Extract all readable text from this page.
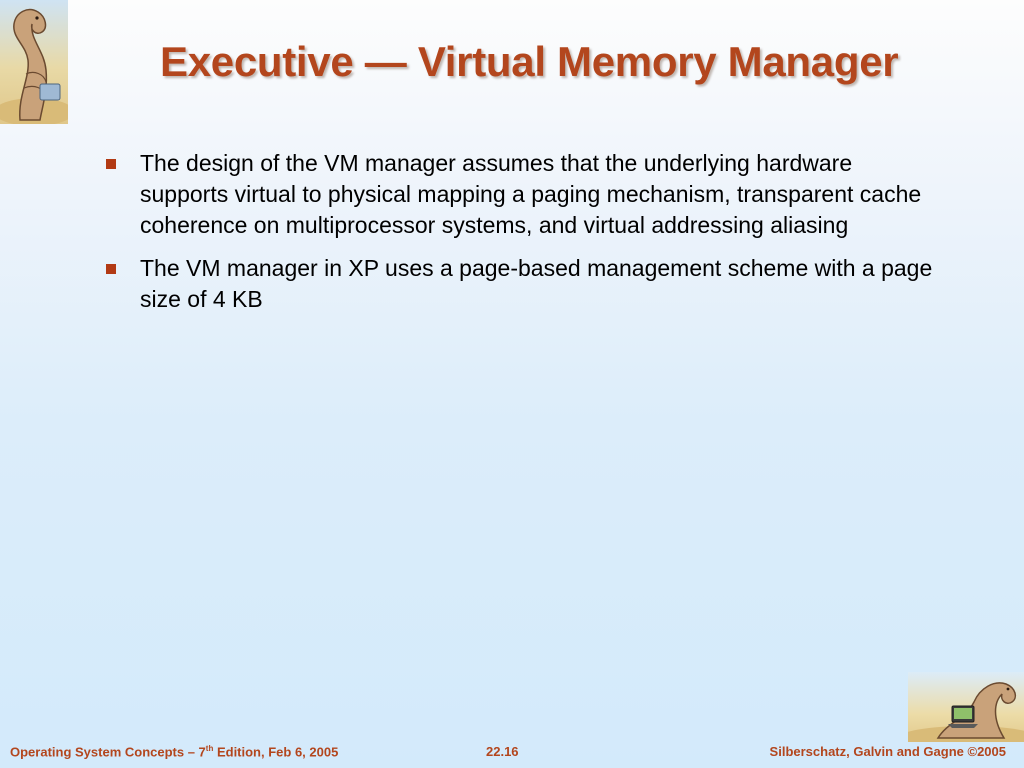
Executive — Virtual Memory Manager
The design of the VM manager assumes that the underlying hardware supports virtual to physical mapping a paging mechanism, transparent cache coherence on multiprocessor systems, and virtual addressing aliasing
The VM manager in XP uses a page-based management scheme with a page size of 4 KB
Operating System Concepts – 7th Edition, Feb 6, 2005	22.16	Silberschatz, Galvin and Gagne ©2005
